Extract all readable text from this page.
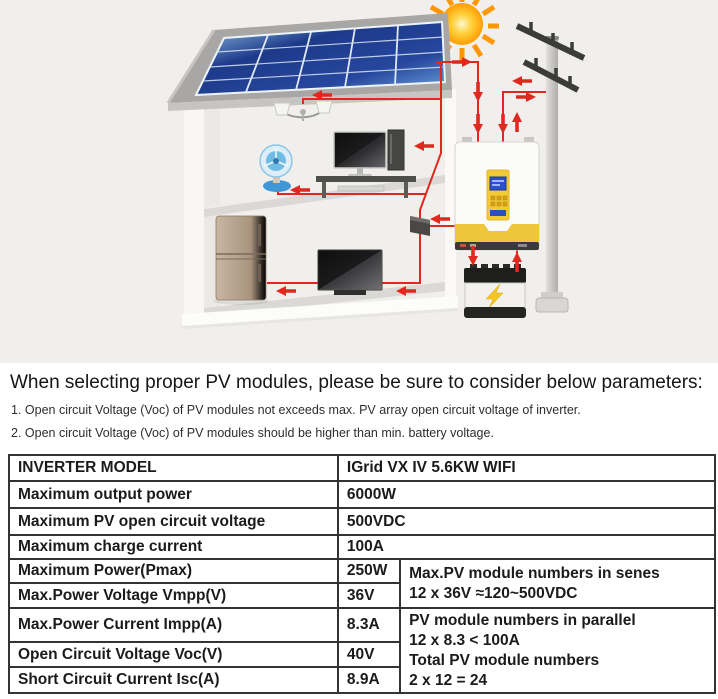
When selecting proper PV modules, please be sure to consider below parameters:

1. Open circuit Voltage (Voc) of PV modules not exceeds max. PV array open circuit voltage of inverter.

2. Open circuit Voltage (Voc) of PV modules should be higher than min. battery voltage.

INVERTER MODEL	IGrid VX IV 5.6KW WIFI	
Maximum output power	6000W	
Maximum PV open circuit voltage	500VDC	
Maximum charge current	100A	
Maximum Power(Pmax)	250W	Max.PV module numbers in senes
12 x 36V ≈120~500VDC

Max.Power Voltage Vmpp(V)	36V	
Max.Power Current Impp(A)	8.3A	PV module numbers in parallel
12 x 8.3 < 100A
Total PV module numbers
2 x 12 = 24

Open Circuit Voltage Voc(V)	40V	
Short Circuit Current Isc(A)	8.9A	
